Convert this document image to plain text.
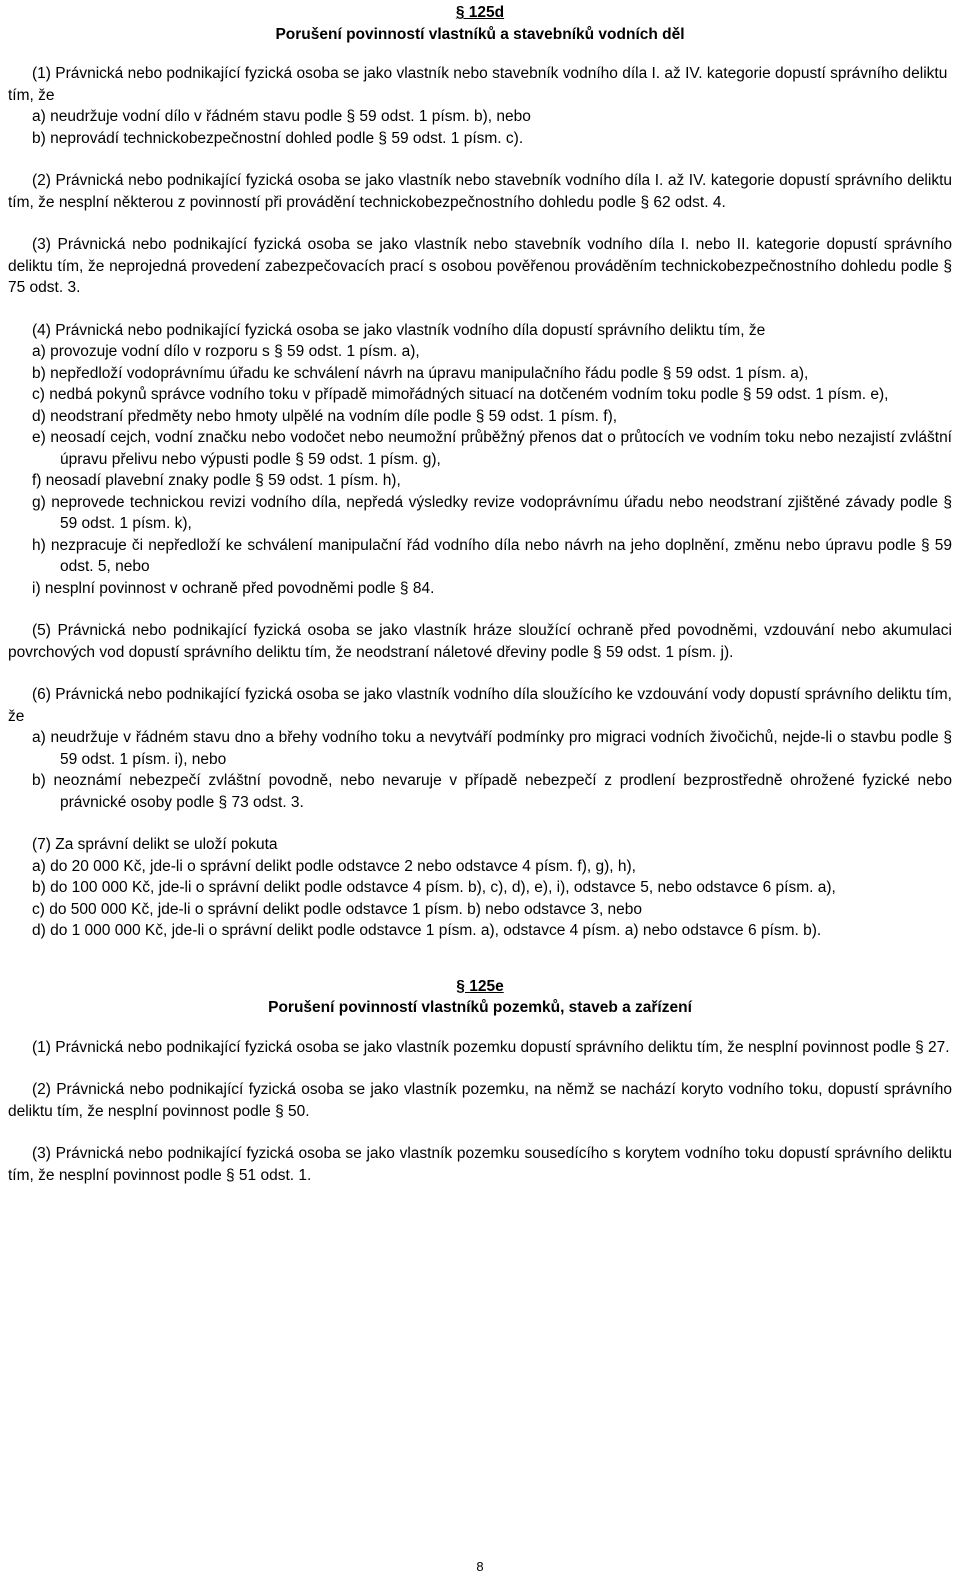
§ 125d

Porušení povinností vlastníků a stavebníků vodních děl

(1) Právnická nebo podnikající fyzická osoba se jako vlastník nebo stavebník vodního díla I. až IV. kategorie dopustí správního deliktu tím, že

a) neudržuje vodní dílo v řádném stavu podle § 59 odst. 1 písm. b), nebo

b) neprovádí technickobezpečnostní dohled podle § 59 odst. 1 písm. c).

(2) Právnická nebo podnikající fyzická osoba se jako vlastník nebo stavebník vodního díla I. až IV. kategorie dopustí správního deliktu tím, že nesplní některou z povinností při provádění technickobezpečnostního dohledu podle § 62 odst. 4.

(3) Právnická nebo podnikající fyzická osoba se jako vlastník nebo stavebník vodního díla I. nebo II. kategorie dopustí správního deliktu tím, že neprojedná provedení zabezpečovacích prací s osobou pověřenou prováděním technickobezpečnostního dohledu podle § 75 odst. 3.

(4) Právnická nebo podnikající fyzická osoba se jako vlastník vodního díla dopustí správního deliktu tím, že

a) provozuje vodní dílo v rozporu s § 59 odst. 1 písm. a),

b) nepředloží vodoprávnímu úřadu ke schválení návrh na úpravu manipulačního řádu podle § 59 odst. 1 písm. a),

c) nedbá pokynů správce vodního toku v případě mimořádných situací na dotčeném vodním toku podle § 59 odst. 1 písm. e),

d) neodstraní předměty nebo hmoty ulpělé na vodním díle podle § 59 odst. 1 písm. f),

e) neosadí cejch, vodní značku nebo vodočet nebo neumožní průběžný přenos dat o průtocích ve vodním toku nebo nezajistí zvláštní úpravu přelivu nebo výpusti podle § 59 odst. 1 písm. g),

f) neosadí plavební znaky podle § 59 odst. 1 písm. h),

g) neprovede technickou revizi vodního díla, nepředá výsledky revize vodoprávnímu úřadu nebo neodstraní zjištěné závady podle § 59 odst. 1 písm. k),

h) nezpracuje či nepředloží ke schválení manipulační řád vodního díla nebo návrh na jeho doplnění, změnu nebo úpravu podle § 59 odst. 5, nebo

i) nesplní povinnost v ochraně před povodněmi podle § 84.

(5) Právnická nebo podnikající fyzická osoba se jako vlastník hráze sloužící ochraně před povodněmi, vzdouvání nebo akumulaci povrchových vod dopustí správního deliktu tím, že neodstraní náletové dřeviny podle § 59 odst. 1 písm. j).

(6) Právnická nebo podnikající fyzická osoba se jako vlastník vodního díla sloužícího ke vzdouvání vody dopustí správního deliktu tím, že

a) neudržuje v řádném stavu dno a břehy vodního toku a nevytváří podmínky pro migraci vodních živočichů, nejde-li o stavbu podle § 59 odst. 1 písm. i), nebo

b) neoznámí nebezpečí zvláštní povodně, nebo nevaruje v případě nebezpečí z prodlení bezprostředně ohrožené fyzické nebo právnické osoby podle § 73 odst. 3.

(7) Za správní delikt se uloží pokuta

a) do 20 000 Kč, jde-li o správní delikt podle odstavce 2 nebo odstavce 4 písm. f), g), h),

b) do 100 000 Kč, jde-li o správní delikt podle odstavce 4 písm. b), c), d), e), i), odstavce 5, nebo odstavce 6 písm. a),

c) do 500 000 Kč, jde-li o správní delikt podle odstavce 1 písm. b) nebo odstavce 3, nebo

d) do 1 000 000 Kč, jde-li o správní delikt podle odstavce 1 písm. a), odstavce 4 písm. a) nebo odstavce 6 písm. b).

§ 125e

Porušení povinností vlastníků pozemků, staveb a zařízení

(1) Právnická nebo podnikající fyzická osoba se jako vlastník pozemku dopustí správního deliktu tím, že nesplní povinnost podle § 27.

(2) Právnická nebo podnikající fyzická osoba se jako vlastník pozemku, na němž se nachází koryto vodního toku, dopustí správního deliktu tím, že nesplní povinnost podle § 50.

(3) Právnická nebo podnikající fyzická osoba se jako vlastník pozemku sousedícího s korytem vodního toku dopustí správního deliktu tím, že nesplní povinnost podle § 51 odst. 1.

8
